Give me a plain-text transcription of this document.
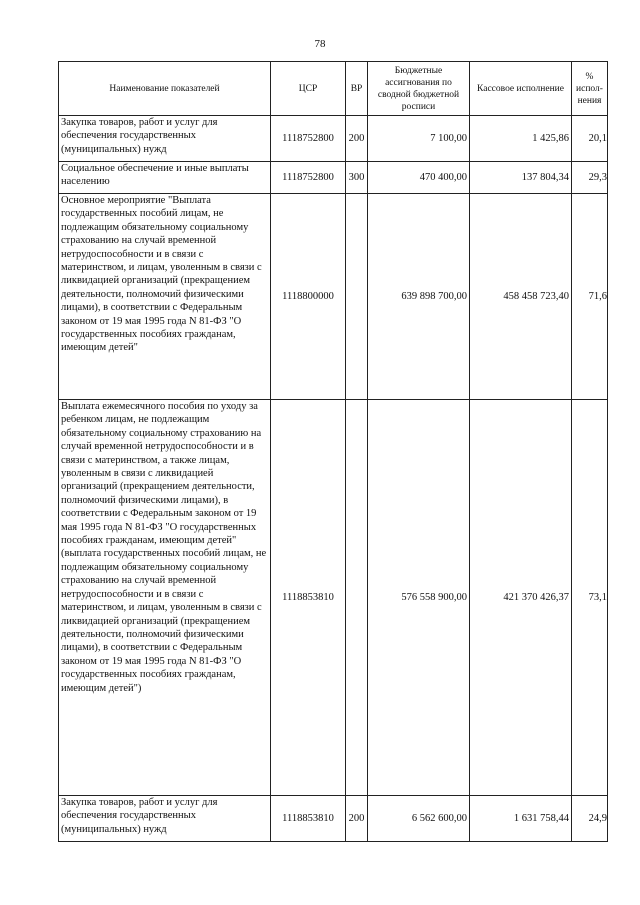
78
Наименование показателей	ЦСР	ВР	Бюджетные ассигнования по сводной бюджетной росписи	Кассовое исполнение	% испол-нения
Закупка товаров, работ и услуг для обеспечения государственных (муниципальных) нужд	1118752800	200	7 100,00	1 425,86	20,1
Социальное обеспечение и иные выплаты населению	1118752800	300	470 400,00	137 804,34	29,3
Основное мероприятие "Выплата государственных пособий лицам, не подлежащим обязательному социальному страхованию на случай временной нетрудоспособности и в связи с материнством, и лицам, уволенным в связи с ликвидацией организаций (прекращением деятельности, полномочий физическими лицами), в соответствии с Федеральным законом от 19 мая 1995 года N 81-ФЗ "О государственных пособиях гражданам, имеющим детей"	1118800000		639 898 700,00	458 458 723,40	71,6
Выплата ежемесячного пособия по уходу за ребенком лицам, не подлежащим обязательному социальному страхованию на случай временной нетрудоспособности и в связи с материнством, а также лицам, уволенным в связи с ликвидацией организаций (прекращением деятельности, полномочий физическими лицами), в соответствии с Федеральным законом от 19 мая 1995 года N 81-ФЗ "О государственных пособиях гражданам, имеющим детей" (выплата государственных пособий лицам, не подлежащим обязательному социальному страхованию на случай временной нетрудоспособности и в связи с материнством, и лицам, уволенным в связи с ликвидацией организаций (прекращением деятельности, полномочий физическими лицами), в соответствии с Федеральным законом от 19 мая 1995 года N 81-ФЗ "О государственных пособиях гражданам, имеющим детей")	1118853810		576 558 900,00	421 370 426,37	73,1
Закупка товаров, работ и услуг для обеспечения государственных (муниципальных) нужд	1118853810	200	6 562 600,00	1 631 758,44	24,9
